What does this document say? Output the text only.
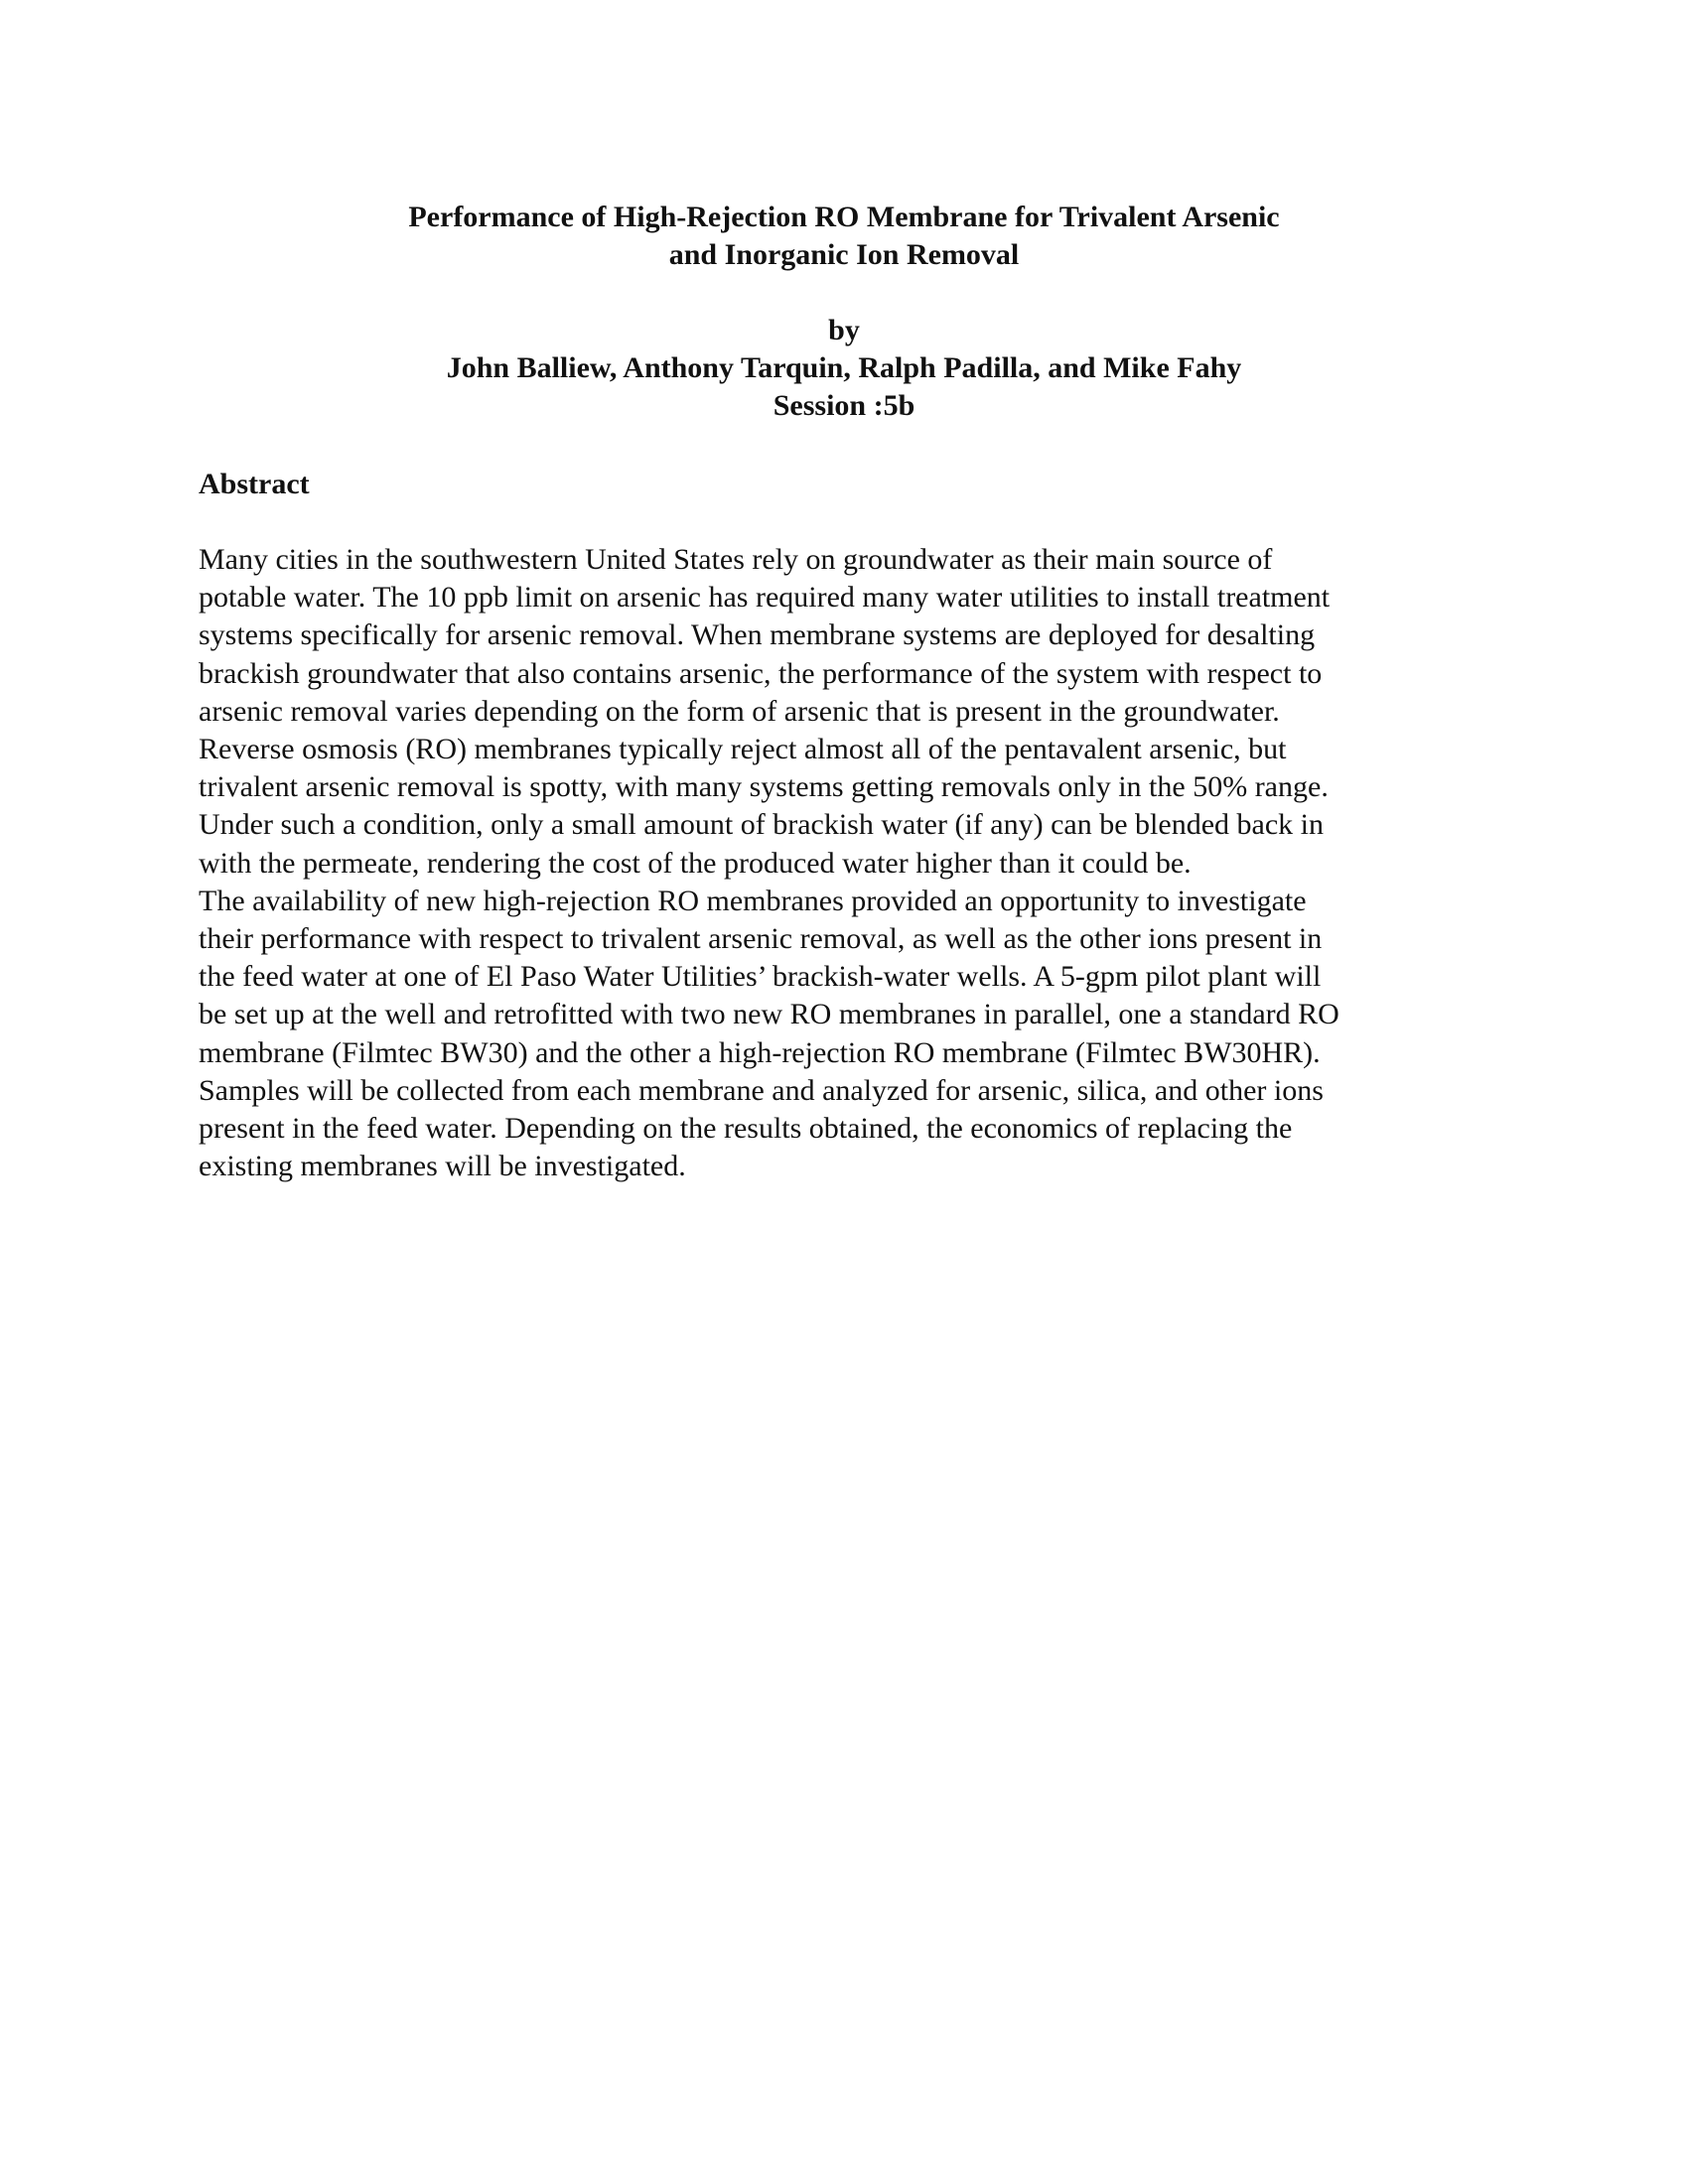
Performance of High-Rejection RO Membrane for Trivalent Arsenic
and Inorganic Ion Removal
by
John Balliew, Anthony Tarquin, Ralph Padilla, and Mike Fahy
Session :5b
Abstract
Many cities in the southwestern United States rely on groundwater as their main source of
potable water. The 10 ppb limit on arsenic has required many water utilities to install treatment
systems specifically for arsenic removal. When membrane systems are deployed for desalting
brackish groundwater that also contains arsenic, the performance of the system with respect to
arsenic removal varies depending on the form of arsenic that is present in the groundwater.
Reverse osmosis (RO) membranes typically reject almost all of the pentavalent arsenic, but
trivalent arsenic removal is spotty, with many systems getting removals only in the 50% range.
Under such a condition, only a small amount of brackish water (if any) can be blended back in
with the permeate, rendering the cost of the produced water higher than it could be.
The availability of new high-rejection RO membranes provided an opportunity to investigate
their performance with respect to trivalent arsenic removal, as well as the other ions present in
the feed water at one of El Paso Water Utilities’ brackish-water wells. A 5-gpm pilot plant will
be set up at the well and retrofitted with two new RO membranes in parallel, one a standard RO
membrane (Filmtec BW30) and the other a high-rejection RO membrane (Filmtec BW30HR).
Samples will be collected from each membrane and analyzed for arsenic, silica, and other ions
present in the feed water. Depending on the results obtained, the economics of replacing the
existing membranes will be investigated.
